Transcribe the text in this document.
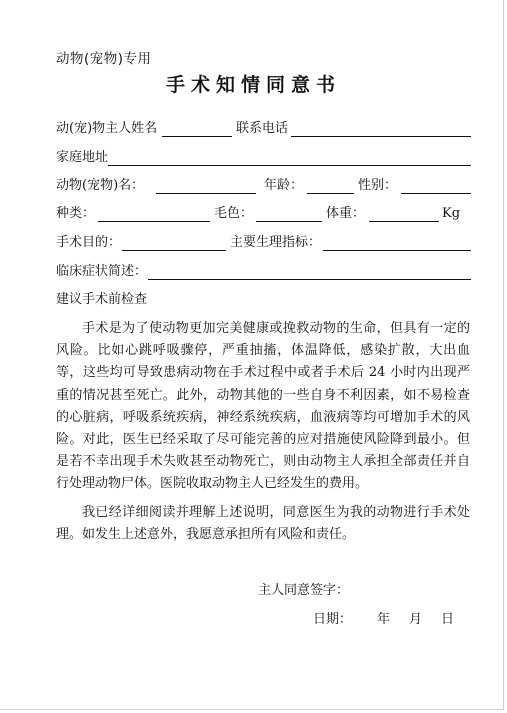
动物(宠物)专用
手术知情同意书
动(宠)物主人姓名	联系电话
家庭地址
动物(宠物)名：	年龄：	性别：
种类：	毛色：	体重：	Kg
手术目的：	主要生理指标：
临床症状简述：
建议手术前检查
手术是为了使动物更加完美健康或挽救动物的生命，但具有一定的风险。比如心跳呼吸骤停，严重抽搐，体温降低，感染扩散，大出血等，这些均可导致患病动物在手术过程中或者手术后 24 小时内出现严重的情况甚至死亡。此外，动物其他的一些自身不利因素，如不易检查的心脏病，呼吸系统疾病，神经系统疾病，血液病等均可增加手术的风险。对此，医生已经采取了尽可能完善的应对措施使风险降到最小。但是若不幸出现手术失败甚至动物死亡，则由动物主人承担全部责任并自行处理动物尸体。医院收取动物主人已经发生的费用。
我已经详细阅读并理解上述说明，同意医生为我的动物进行手术处理。如发生上述意外，我愿意承担所有风险和责任。
主人同意签字：
日期： 年 月 日
